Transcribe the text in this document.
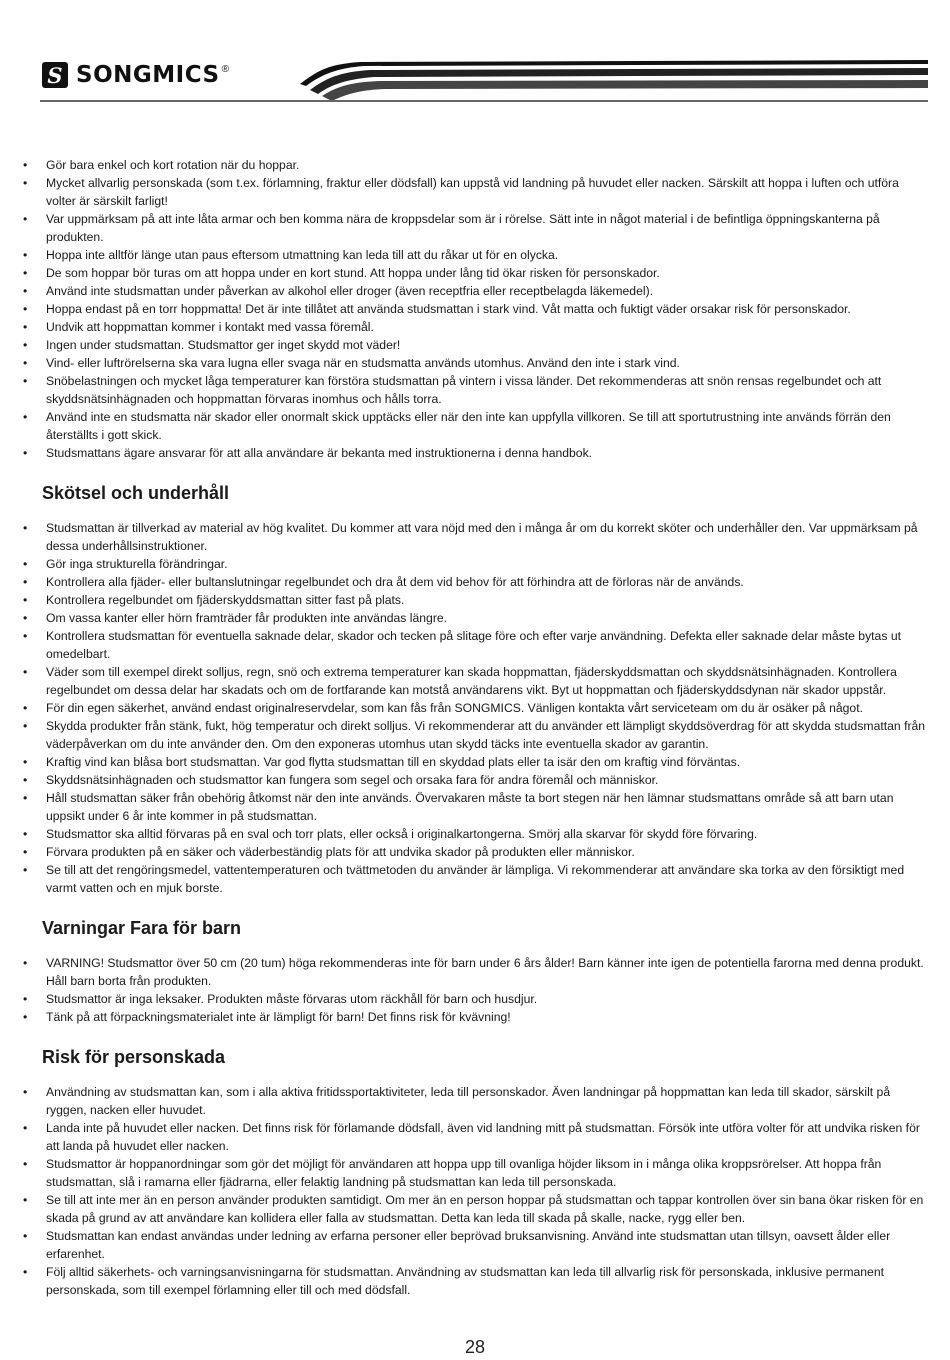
S SONGMICS ®
• Gör bara enkel och kort rotation när du hoppar.
• Mycket allvarlig personskada (som t.ex. förlamning, fraktur eller dödsfall) kan uppstå vid landning på huvudet eller nacken. Särskilt att hoppa i luften och utföra volter är särskilt farligt!
• Var uppmärksam på att inte låta armar och ben komma nära de kroppsdelar som är i rörelse. Sätt inte in något material i de befintliga öppningskanterna på produkten.
• Hoppa inte alltför länge utan paus eftersom utmattning kan leda till att du råkar ut för en olycka.
• De som hoppar bör turas om att hoppa under en kort stund. Att hoppa under lång tid ökar risken för personskador.
• Använd inte studsmattan under påverkan av alkohol eller droger (även receptfria eller receptbelagda läkemedel).
• Hoppa endast på en torr hoppmatta! Det är inte tillåtet att använda studsmattan i stark vind. Våt matta och fuktigt väder orsakar risk för personskador.
• Undvik att hoppmattan kommer i kontakt med vassa föremål.
• Ingen under studsmattan. Studsmattor ger inget skydd mot väder!
• Vind- eller luftrörelserna ska vara lugna eller svaga när en studsmatta används utomhus. Använd den inte i stark vind.
• Snöbelastningen och mycket låga temperaturer kan förstöra studsmattan på vintern i vissa länder. Det rekommenderas att snön rensas regelbundet och att skyddsnätsinhägnaden och hoppmattan förvaras inomhus och hålls torra.
• Använd inte en studsmatta när skador eller onormalt skick upptäcks eller när den inte kan uppfylla villkoren. Se till att sportutrustning inte används förrän den återställts i gott skick.
• Studsmattans ägare ansvarar för att alla användare är bekanta med instruktionerna i denna handbok.
Skötsel och underhåll
• Studsmattan är tillverkad av material av hög kvalitet. Du kommer att vara nöjd med den i många år om du korrekt sköter och underhåller den. Var uppmärksam på dessa underhållsinstruktioner.
• Gör inga strukturella förändringar.
• Kontrollera alla fjäder- eller bultanslutningar regelbundet och dra åt dem vid behov för att förhindra att de förloras när de används.
• Kontrollera regelbundet om fjäderskyddsmattan sitter fast på plats.
• Om vassa kanter eller hörn framträder får produkten inte användas längre.
• Kontrollera studsmattan för eventuella saknade delar, skador och tecken på slitage före och efter varje användning. Defekta eller saknade delar måste bytas ut omedelbart.
• Väder som till exempel direkt solljus, regn, snö och extrema temperaturer kan skada hoppmattan, fjäderskyddsmattan och skyddsnätsinhägnaden. Kontrollera regelbundet om dessa delar har skadats och om de fortfarande kan motstå användarens vikt. Byt ut hoppmattan och fjäderskyddsdynan när skador uppstår.
• För din egen säkerhet, använd endast originalreservdelar, som kan fås från SONGMICS. Vänligen kontakta vårt serviceteam om du är osäker på något.
• Skydda produkter från stänk, fukt, hög temperatur och direkt solljus. Vi rekommenderar att du använder ett lämpligt skyddsöverdrag för att skydda studsmattan från väderpåverkan om du inte använder den. Om den exponeras utomhus utan skydd täcks inte eventuella skador av garantin.
• Kraftig vind kan blåsa bort studsmattan. Var god flytta studsmattan till en skyddad plats eller ta isär den om kraftig vind förväntas.
• Skyddsnätsinhägnaden och studsmattor kan fungera som segel och orsaka fara för andra föremål och människor.
• Håll studsmattan säker från obehörig åtkomst när den inte används. Övervakaren måste ta bort stegen när hen lämnar studsmattans område så att barn utan uppsikt under 6 år inte kommer in på studsmattan.
• Studsmattor ska alltid förvaras på en sval och torr plats, eller också i originalkartongerna. Smörj alla skarvar för skydd före förvaring.
• Förvara produkten på en säker och väderbeständig plats för att undvika skador på produkten eller människor.
• Se till att det rengöringsmedel, vattentemperaturen och tvättmetoden du använder är lämpliga. Vi rekommenderar att användare ska torka av den försiktigt med varmt vatten och en mjuk borste.
Varningar Fara för barn
• VARNING! Studsmattor över 50 cm (20 tum) höga rekommenderas inte för barn under 6 års ålder! Barn känner inte igen de potentiella farorna med denna produkt. Håll barn borta från produkten.
• Studsmattor är inga leksaker. Produkten måste förvaras utom räckhåll för barn och husdjur.
• Tänk på att förpackningsmaterialet inte är lämpligt för barn! Det finns risk för kvävning!
Risk för personskada
• Användning av studsmattan kan, som i alla aktiva fritidssportaktiviteter, leda till personskador. Även landningar på hoppmattan kan leda till skador, särskilt på ryggen, nacken eller huvudet.
• Landa inte på huvudet eller nacken. Det finns risk för förlamande dödsfall, även vid landning mitt på studsmattan. Försök inte utföra volter för att undvika risken för att landa på huvudet eller nacken.
• Studsmattor är hoppanordningar som gör det möjligt för användaren att hoppa upp till ovanliga höjder liksom in i många olika kroppsrörelser. Att hoppa från studsmattan, slå i ramarna eller fjädrarna, eller felaktig landning på studsmattan kan leda till personskada.
• Se till att inte mer än en person använder produkten samtidigt. Om mer än en person hoppar på studsmattan och tappar kontrollen över sin bana ökar risken för en skada på grund av att användare kan kollidera eller falla av studsmattan. Detta kan leda till skada på skalle, nacke, rygg eller ben.
• Studsmattan kan endast användas under ledning av erfarna personer eller beprövad bruksanvisning. Använd inte studsmattan utan tillsyn, oavsett ålder eller erfarenhet.
• Följ alltid säkerhets- och varningsanvisningarna för studsmattan. Användning av studsmattan kan leda till allvarlig risk för personskada, inklusive permanent personskada, som till exempel förlamning eller till och med dödsfall.
28
